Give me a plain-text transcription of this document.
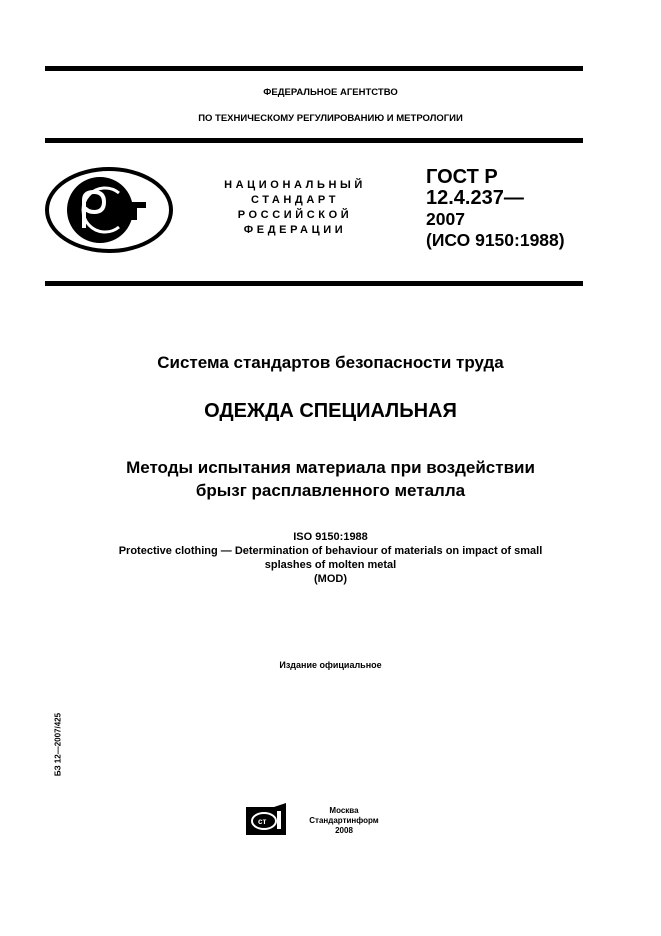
ФЕДЕРАЛЬНОЕ АГЕНТСТВО
ПО ТЕХНИЧЕСКОМУ РЕГУЛИРОВАНИЮ И МЕТРОЛОГИИ
НАЦИОНАЛЬНЫЙ
СТАНДАРТ
РОССИЙСКОЙ
ФЕДЕРАЦИИ
ГОСТ Р
12.4.237—
2007
(ИСО 9150:1988)
Система стандартов безопасности труда
ОДЕЖДА СПЕЦИАЛЬНАЯ
Методы испытания материала при воздействии
брызг расплавленного металла
ISO 9150:1988
Protective clothing — Determination of behaviour of materials on impact of small
splashes of molten metal
(MOD)
Издание официальное
БЗ 12—2007/425
ст
Москва
Стандартинформ
2008
